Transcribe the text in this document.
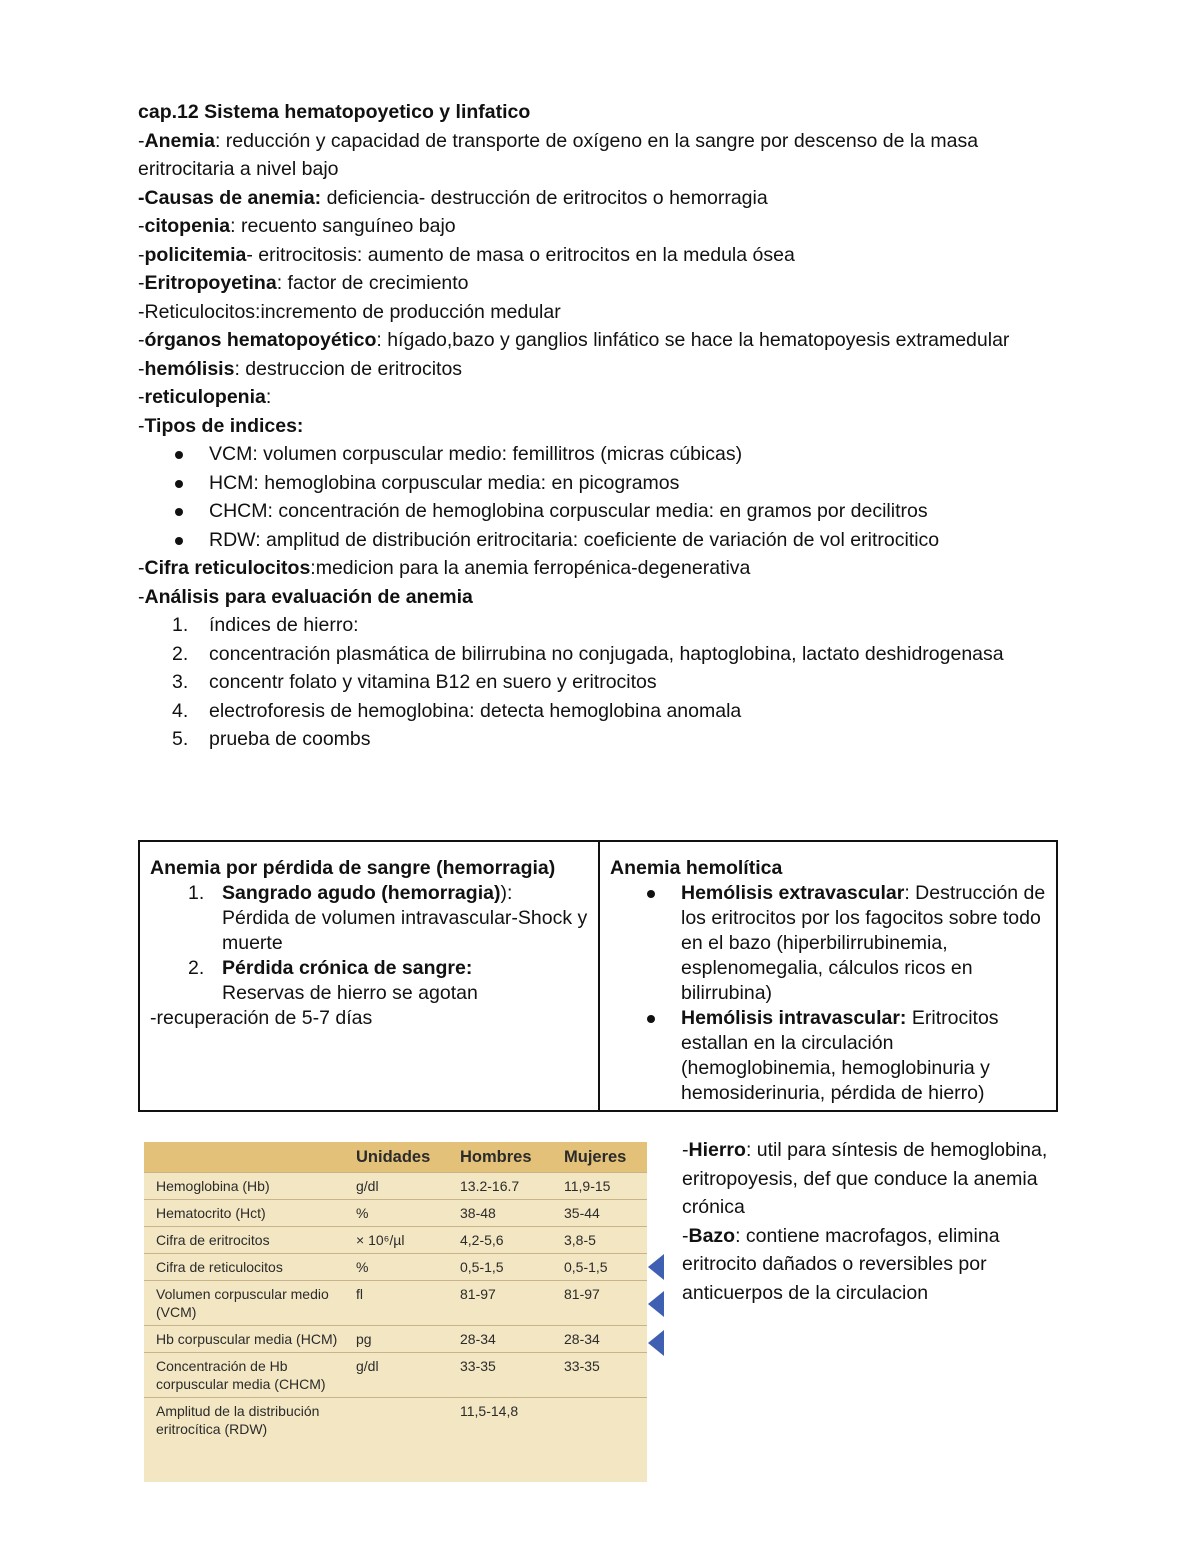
cap.12 Sistema hematopoyetico y linfatico

-Anemia: reducción y capacidad de transporte de oxígeno en la sangre por descenso de la masa eritrocitaria a nivel bajo

-Causas de anemia: deficiencia- destrucción de eritrocitos o hemorragia

-citopenia: recuento sanguíneo bajo

-policitemia- eritrocitosis: aumento de masa o eritrocitos en la medula ósea

-Eritropoyetina: factor de crecimiento

-Reticulocitos:incremento de producción medular

-órganos hematopoyético: hígado,bazo y ganglios linfático se hace la hematopoyesis extramedular

-hemólisis: destruccion de eritrocitos

-reticulopenia:

-Tipos de indices:

VCM: volumen corpuscular medio: femillitros (micras cúbicas)
HCM: hemoglobina corpuscular media: en picogramos
CHCM: concentración de hemoglobina corpuscular media: en gramos por decilitros
RDW: amplitud de distribución eritrocitaria: coeficiente de variación de vol eritrocitico

-Cifra reticulocitos:medicion para la anemia ferropénica-degenerativa

-Análisis para evaluación de anemia

1. índices de hierro:
2. concentración plasmática de bilirrubina no conjugada, haptoglobina, lactato deshidrogenasa
3. concentr folato y vitamina B12 en suero y eritrocitos
4. electroforesis de hemoglobina: detecta hemoglobina anomala
5. prueba de coombs
Anemia por pérdida de sangre (hemorragia)
1. Sangrado agudo (hemorragia)):
Pérdida de volumen intravascular-Shock y muerte
2. Pérdida crónica de sangre:
Reservas de hierro se agotan
-recuperación de 5-7 días
Anemia hemolítica
Hemólisis extravascular: Destrucción de los eritrocitos por los fagocitos sobre todo en el bazo (hiperbilirrubinemia, esplenomegalia, cálculos ricos en bilirrubina)
Hemólisis intravascular: Eritrocitos estallan en la circulación (hemoglobinemia, hemoglobinuria y hemosiderinuria, pérdida de hierro)
	Unidades	Hombres	Mujeres
Hemoglobina (Hb)	g/dl	13.2-16.7	11,9-15
Hematocrito (Hct)	%	38-48	35-44
Cifra de eritrocitos	× 10⁶/µl	4,2-5,6	3,8-5
Cifra de reticulocitos	%	0,5-1,5	0,5-1,5
Volumen corpuscular medio (VCM)	fl	81-97	81-97
Hb corpuscular media (HCM)	pg	28-34	28-34
Concentración de Hb corpuscular media (CHCM)	g/dl	33-35	33-35
Amplitud de la distribución eritrocítica (RDW)		11,5-14,8	

-Hierro: util para síntesis de hemoglobina, eritropoyesis, def que conduce la anemia crónica

-Bazo: contiene macrofagos, elimina eritrocito dañados o reversibles por anticuerpos de la circulacion
